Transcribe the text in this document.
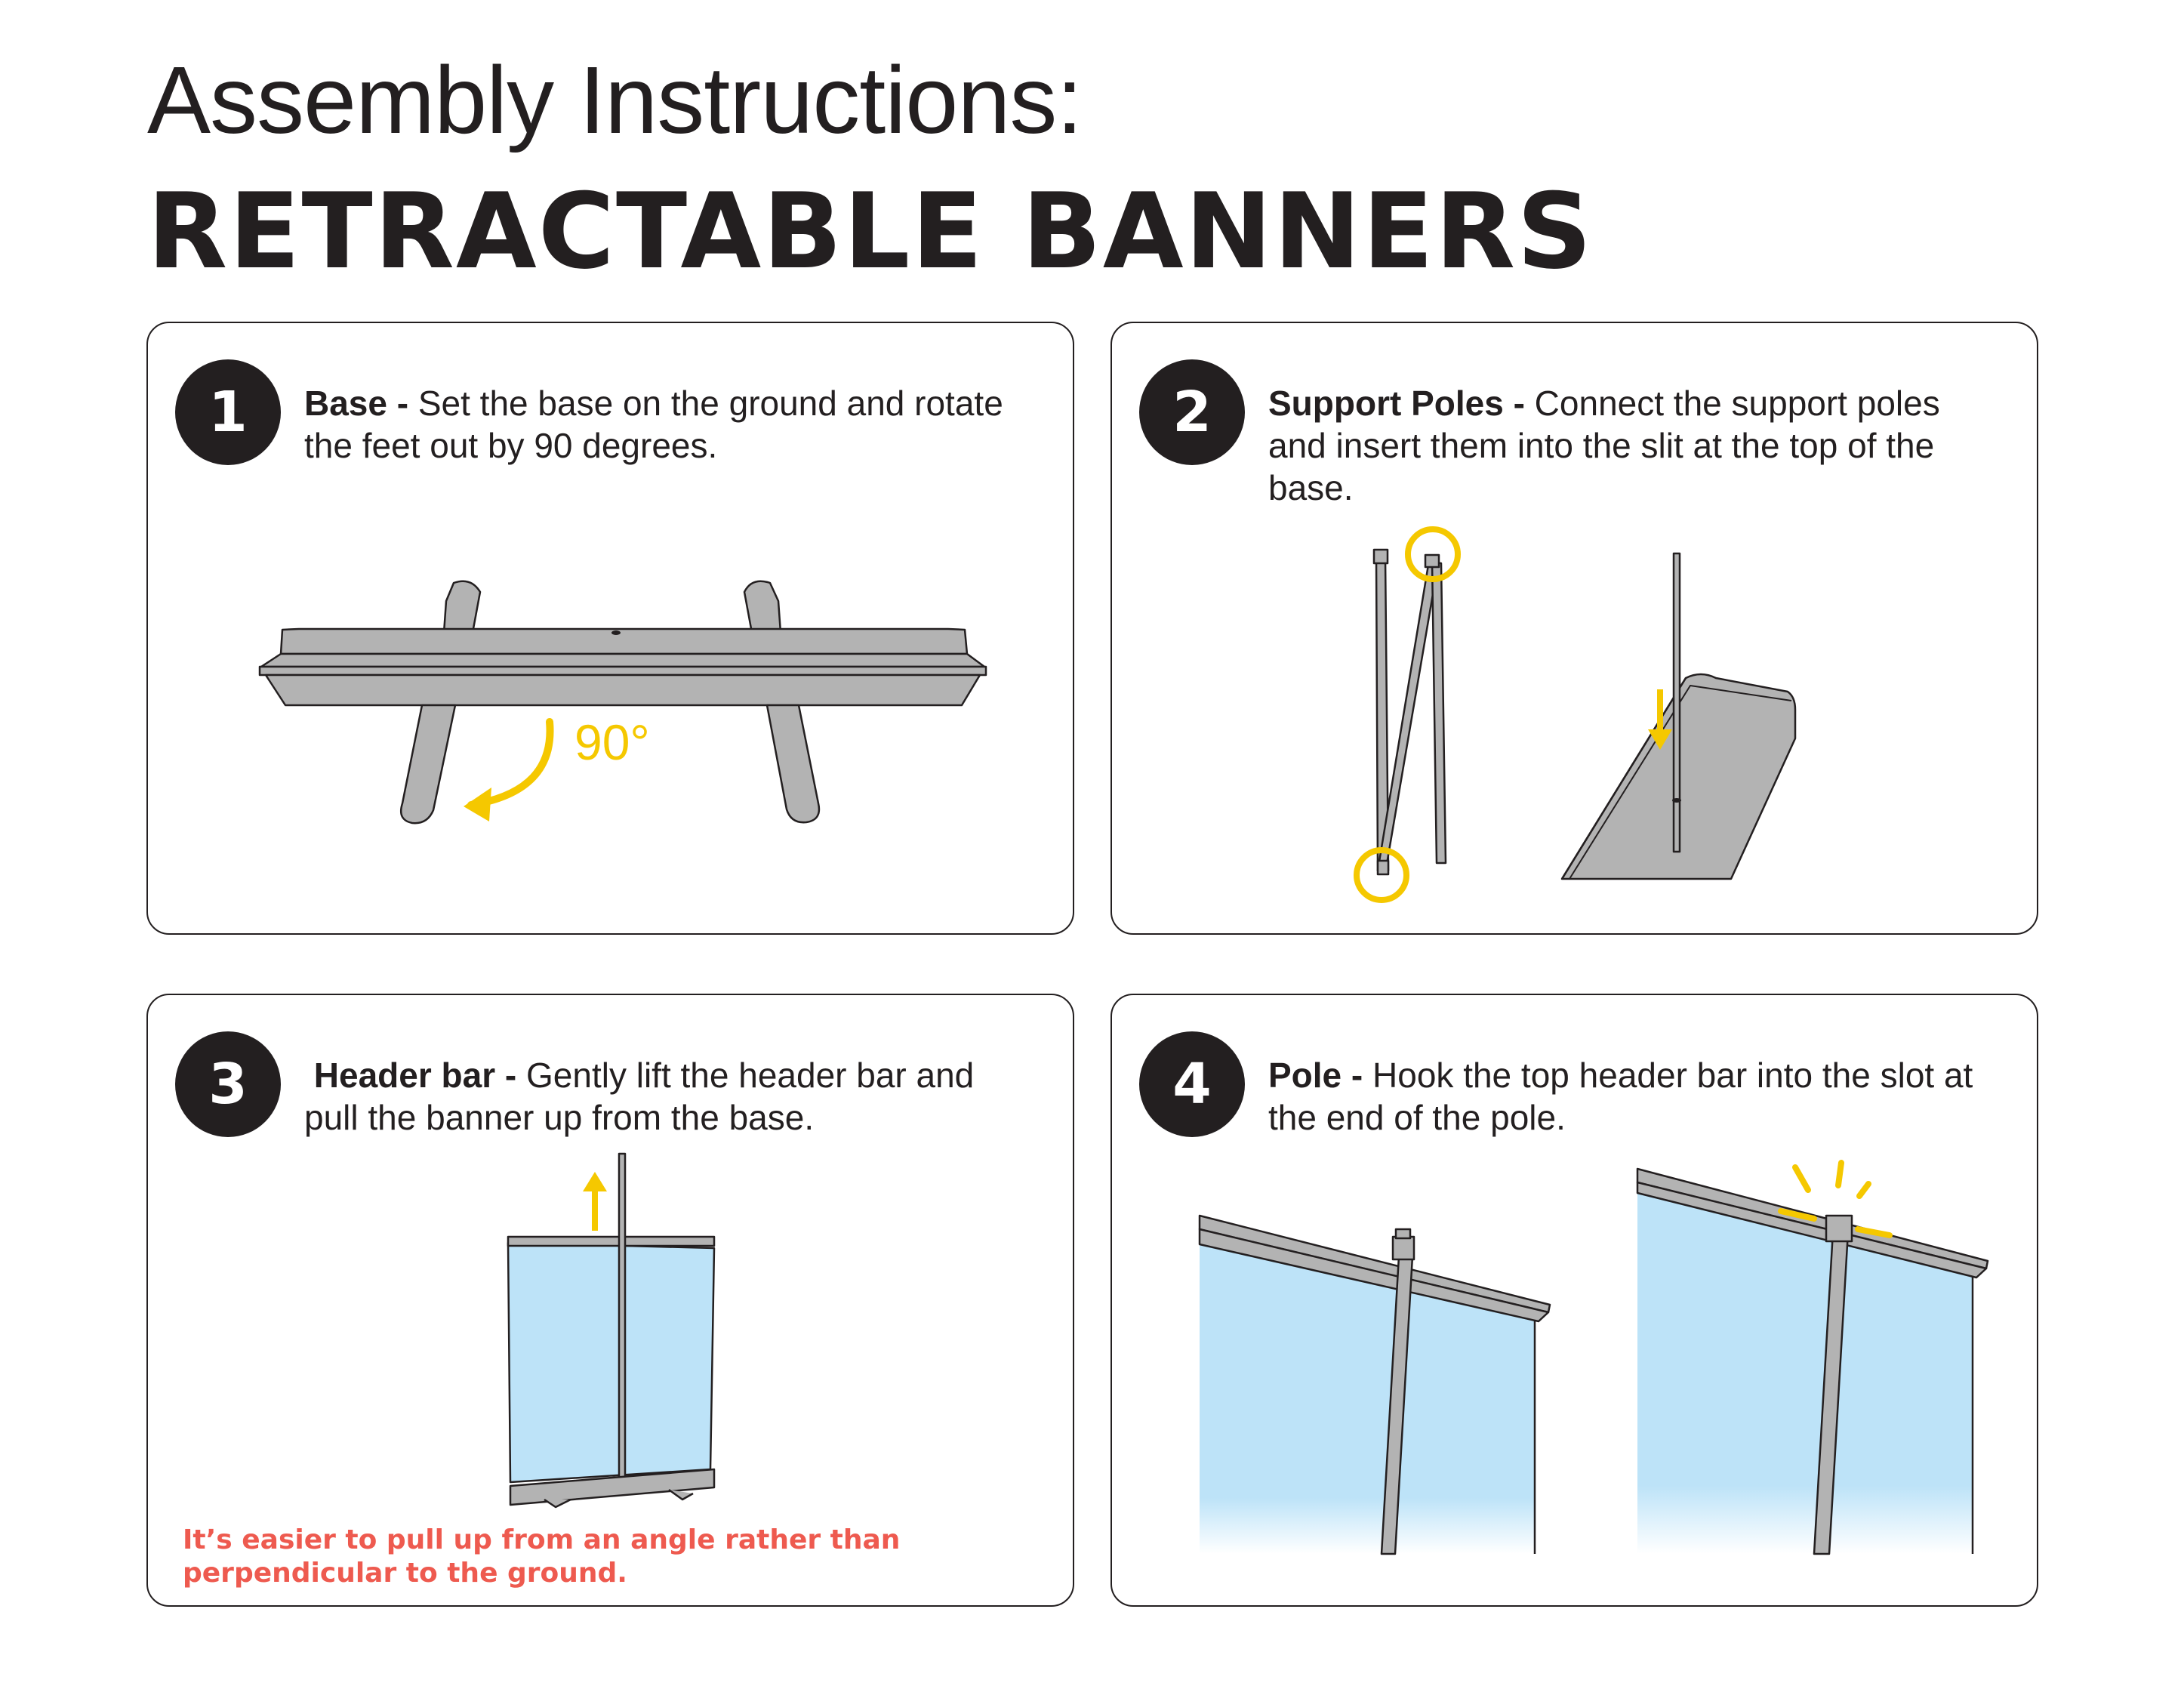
Assembly Instructions:
RETRACTABLE BANNERS
1	Base - Set the base on the ground and rotate the feet out by 90 degrees.
90°
2	Support Poles - Connect the support poles and insert them into the slit at the top of the base.
3	Header bar - Gently lift the header bar and pull the banner up from the base.
It’s easier to pull up from an angle rather than perpendicular to the ground.
4	Pole - Hook the top header bar into the slot at the end of the pole.
